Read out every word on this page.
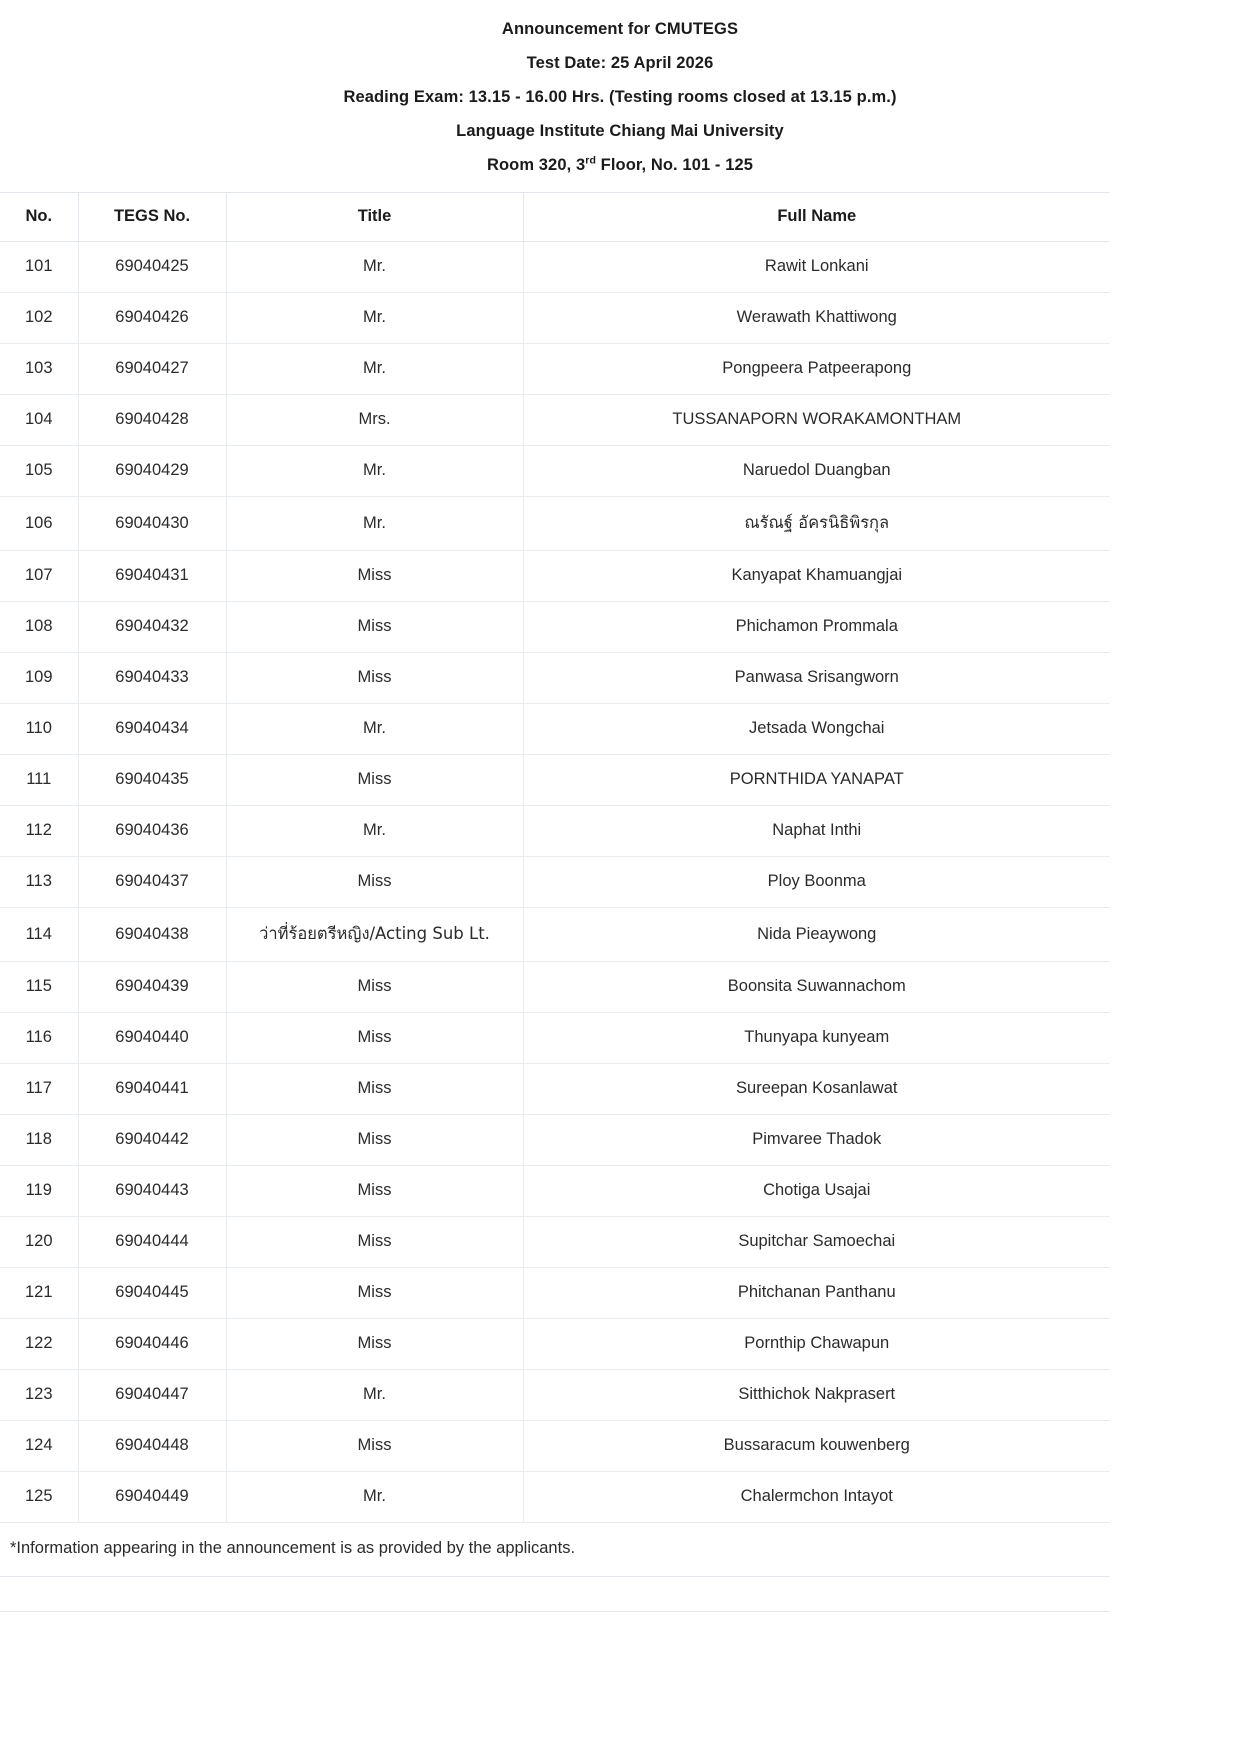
Announcement for CMUTEGS
Test Date: 25 April 2026
Reading Exam: 13.15 - 16.00 Hrs. (Testing rooms closed at 13.15 p.m.)
Language Institute Chiang Mai University
Room 320, 3rd Floor, No. 101 - 125
No.	TEGS No.	Title	Full Name
101	69040425	Mr.	Rawit Lonkani
102	69040426	Mr.	Werawath Khattiwong
103	69040427	Mr.	Pongpeera Patpeerapong
104	69040428	Mrs.	TUSSANAPORN WORAKAMONTHAM
105	69040429	Mr.	Naruedol Duangban
106	69040430	Mr.	ณรัณฐ์ อัครนิธิพิรกุล
107	69040431	Miss	Kanyapat Khamuangjai
108	69040432	Miss	Phichamon Prommala
109	69040433	Miss	Panwasa Srisangworn
110	69040434	Mr.	Jetsada Wongchai
111	69040435	Miss	PORNTHIDA YANAPAT
112	69040436	Mr.	Naphat Inthi
113	69040437	Miss	Ploy Boonma
114	69040438	ว่าที่ร้อยตรีหญิง/Acting Sub Lt.	Nida Pieaywong
115	69040439	Miss	Boonsita Suwannachom
116	69040440	Miss	Thunyapa kunyeam
117	69040441	Miss	Sureepan Kosanlawat
118	69040442	Miss	Pimvaree Thadok
119	69040443	Miss	Chotiga Usajai
120	69040444	Miss	Supitchar Samoechai
121	69040445	Miss	Phitchanan Panthanu
122	69040446	Miss	Pornthip Chawapun
123	69040447	Mr.	Sitthichok Nakprasert
124	69040448	Miss	Bussaracum kouwenberg
125	69040449	Mr.	Chalermchon Intayot
*Information appearing in the announcement is as provided by the applicants.			
